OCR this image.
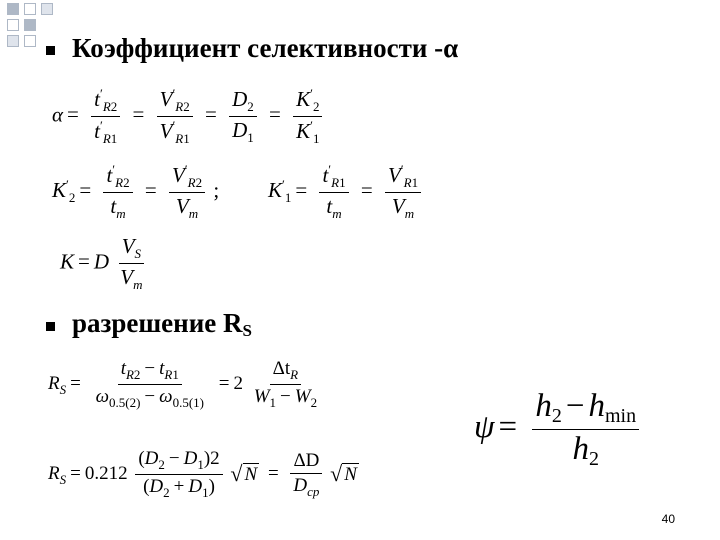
Коэффициент селективности -α
$\alpha = \frac{t'_{R2}}{t'_{R1}} = \frac{V'_{R2}}{V'_{R1}} = \frac{D_2}{D_1} = \frac{K'_2}{K'_1}$
$K'_2 = \frac{t'_{R2}}{t_m} = \frac{V'_{R2}}{V_m}$ ; $K'_1 = \frac{t'_{R1}}{t_m} = \frac{V'_{R1}}{V_m}$
K = D $\frac{V_S}{V_m}$
разрешение $R_S$
$R_S = \frac{t_{R2} - t_{R1}}{\omega_{0.5(2)} - \omega_{0.5(1)}} = 2 \frac{\Delta t_R}{W_1 - W_2}$
$R_S = 0.212 \frac{(D_2 - D_1)2}{(D_2 + D_1)}$
√ $N = \frac{\Delta D}{D_{cp}}$
√ N
$\psi = \frac{h_2 - h_{min}}{h_2}$
40
